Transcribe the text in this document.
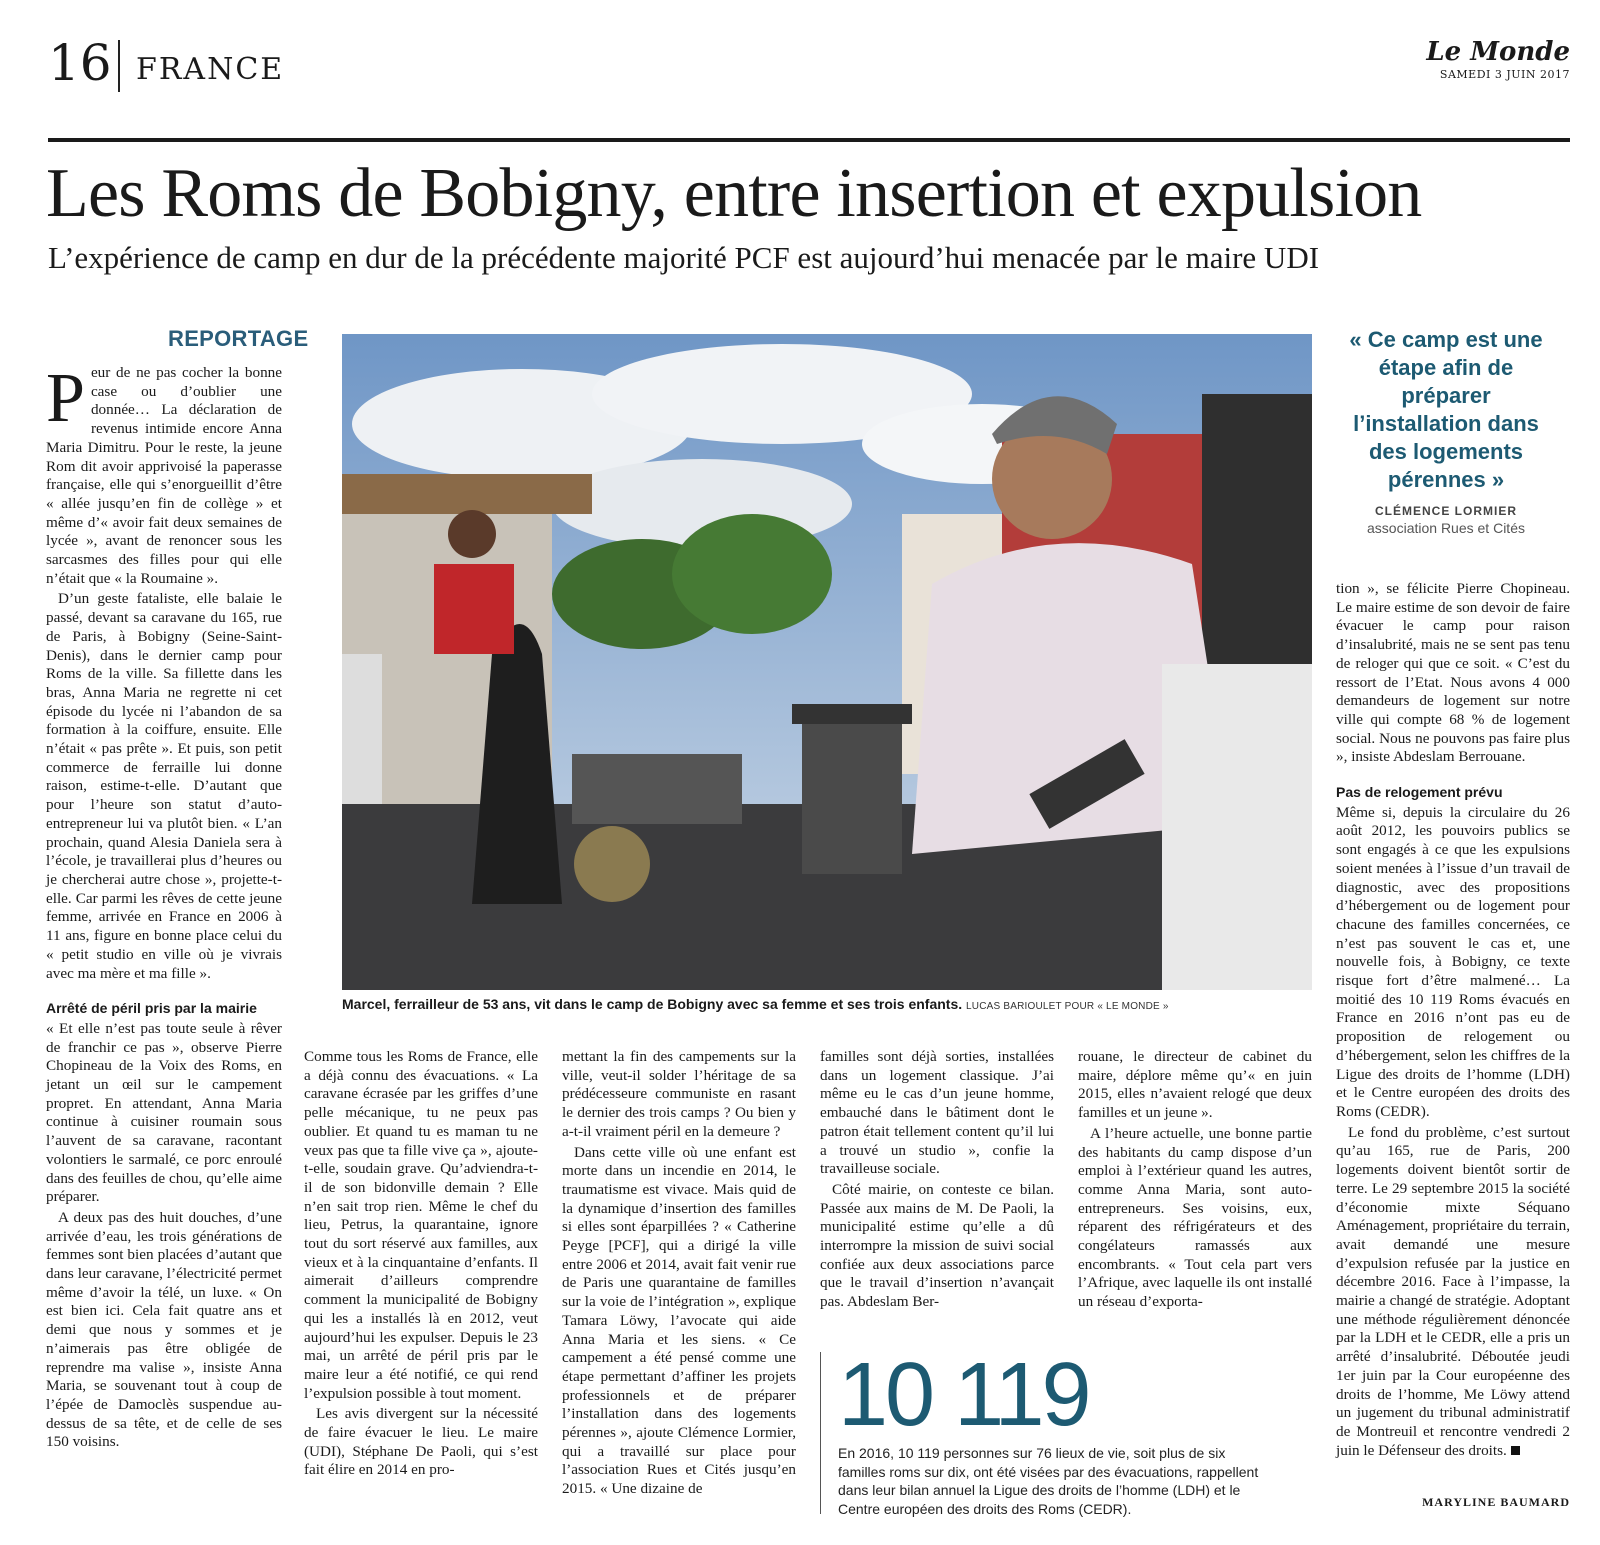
16 FRANCE	Le Monde
SAMEDI 3 JUIN 2017
Les Roms de Bobigny, entre insertion et expulsion
L’expérience de camp en dur de la précédente majorité PCF est aujourd’hui menacée par le maire UDI
REPORTAGE

Peur de ne pas cocher la bonne case ou d’oublier une donnée… La déclaration de revenus intimide encore Anna Maria Dimitru. Pour le reste, la jeune Rom dit avoir apprivoisé la paperasse française, elle qui s’enorgueillit d’être « allée jusqu’en fin de collège » et même d’« avoir fait deux semaines de lycée », avant de renoncer sous les sarcasmes des filles pour qui elle n’était que « la Roumaine ».

D’un geste fataliste, elle balaie le passé, devant sa caravane du 165, rue de Paris, à Bobigny (Seine-Saint-Denis), dans le dernier camp pour Roms de la ville. Sa fillette dans les bras, Anna Maria ne regrette ni cet épisode du lycée ni l’abandon de sa formation à la coiffure, ensuite. Elle n’était « pas prête ». Et puis, son petit commerce de ferraille lui donne raison, estime-t-elle. D’autant que pour l’heure son statut d’auto-entrepreneur lui va plutôt bien. « L’an prochain, quand Alesia Daniela sera à l’école, je travaillerai plus d’heures ou je chercherai autre chose », projette-t-elle. Car parmi les rêves de cette jeune femme, arrivée en France en 2006 à 11 ans, figure en bonne place celui du « petit studio en ville où je vivrais avec ma mère et ma fille ».

Arrêté de péril pris par la mairie

« Et elle n’est pas toute seule à rêver de franchir ce pas », observe Pierre Chopineau de la Voix des Roms, en jetant un œil sur le campement propret. En attendant, Anna Maria continue à cuisiner roumain sous l’auvent de sa caravane, racontant volontiers le sarmalé, ce porc enroulé dans des feuilles de chou, qu’elle aime préparer.

A deux pas des huit douches, d’une arrivée d’eau, les trois générations de femmes sont bien placées d’autant que dans leur caravane, l’électricité permet même d’avoir la télé, un luxe. « On est bien ici. Cela fait quatre ans et demi que nous y sommes et je n’aimerais pas être obligée de reprendre ma valise », insiste Anna Maria, se souvenant tout à coup de l’épée de Damoclès suspendue au-dessus de sa tête, et de celle de ses 150 voisins.

Marcel, ferrailleur de 53 ans, vit dans le camp de Bobigny avec sa femme et ses trois enfants. LUCAS BARIOULET POUR « LE MONDE »
« Ce camp est une étape afin de préparer l’installation dans des logements pérennes »
CLÉMENCE LORMIER
association Rues et Cités

Comme tous les Roms de France, elle a déjà connu des évacuations. « La caravane écrasée par les griffes d’une pelle mécanique, tu ne peux pas oublier. Et quand tu es maman tu ne veux pas que ta fille vive ça », ajoute-t-elle, soudain grave. Qu’adviendra-t-il de son bidonville demain ? Elle n’en sait trop rien. Même le chef du lieu, Petrus, la quarantaine, ignore tout du sort réservé aux familles, aux vieux et à la cinquantaine d’enfants. Il aimerait d’ailleurs comprendre comment la municipalité de Bobigny qui les a installés là en 2012, veut aujourd’hui les expulser. Depuis le 23 mai, un arrêté de péril pris par le maire leur a été notifié, ce qui rend l’expulsion possible à tout moment.

Les avis divergent sur la nécessité de faire évacuer le lieu. Le maire (UDI), Stéphane De Paoli, qui s’est fait élire en 2014 en pro-

mettant la fin des campements sur la ville, veut-il solder l’héritage de sa prédécesseure communiste en rasant le dernier des trois camps ? Ou bien y a-t-il vraiment péril en la demeure ?

Dans cette ville où une enfant est morte dans un incendie en 2014, le traumatisme est vivace. Mais quid de la dynamique d’insertion des familles si elles sont éparpillées ? « Catherine Peyge [PCF], qui a dirigé la ville entre 2006 et 2014, avait fait venir rue de Paris une quarantaine de familles sur la voie de l’intégration », explique Tamara Löwy, l’avocate qui aide Anna Maria et les siens. « Ce campement a été pensé comme une étape permettant d’affiner les projets professionnels et de préparer l’installation dans des logements pérennes », ajoute Clémence Lormier, qui a travaillé sur place pour l’association Rues et Cités jusqu’en 2015. « Une dizaine de

familles sont déjà sorties, installées dans un logement classique. J’ai même eu le cas d’un jeune homme, embauché dans le bâtiment dont le patron était tellement content qu’il lui a trouvé un studio », confie la travailleuse sociale.

Côté mairie, on conteste ce bilan. Passée aux mains de M. De Paoli, la municipalité estime qu’elle a dû interrompre la mission de suivi social confiée aux deux associations parce que le travail d’insertion n’avançait pas. Abdeslam Ber-

rouane, le directeur de cabinet du maire, déplore même qu’« en juin 2015, elles n’avaient relogé que deux familles et un jeune ».

A l’heure actuelle, une bonne partie des habitants du camp dispose d’un emploi à l’extérieur quand les autres, comme Anna Maria, sont auto-entrepreneurs. Ses voisins, eux, réparent des réfrigérateurs et des congélateurs ramassés aux encombrants. « Tout cela part vers l’Afrique, avec laquelle ils ont installé un réseau d’exporta-

10 119
En 2016, 10 119 personnes sur 76 lieux de vie, soit plus de six familles roms sur dix, ont été visées par des évacuations, rappellent dans leur bilan annuel la Ligue des droits de l’homme (LDH) et le Centre européen des droits des Roms (CEDR).

tion », se félicite Pierre Chopineau. Le maire estime de son devoir de faire évacuer le camp pour raison d’insalubrité, mais ne se sent pas tenu de reloger qui que ce soit. « C’est du ressort de l’Etat. Nous avons 4 000 demandeurs de logement sur notre ville qui compte 68 % de logement social. Nous ne pouvons pas faire plus », insiste Abdeslam Berrouane.

Pas de relogement prévu

Même si, depuis la circulaire du 26 août 2012, les pouvoirs publics se sont engagés à ce que les expulsions soient menées à l’issue d’un travail de diagnostic, avec des propositions d’hébergement ou de logement pour chacune des familles concernées, ce n’est pas souvent le cas et, une nouvelle fois, à Bobigny, ce texte risque fort d’être malmené… La moitié des 10 119 Roms évacués en France en 2016 n’ont pas eu de proposition de relogement ou d’hébergement, selon les chiffres de la Ligue des droits de l’homme (LDH) et le Centre européen des droits des Roms (CEDR).

Le fond du problème, c’est surtout qu’au 165, rue de Paris, 200 logements doivent bientôt sortir de terre. Le 29 septembre 2015 la société d’économie mixte Séquano Aménagement, propriétaire du terrain, avait demandé une mesure d’expulsion refusée par la justice en décembre 2016. Face à l’impasse, la mairie a changé de stratégie. Adoptant une méthode régulièrement dénoncée par la LDH et le CEDR, elle a pris un arrêté d’insalubrité. Déboutée jeudi 1er juin par la Cour européenne des droits de l’homme, Me Löwy attend un jugement du tribunal administratif de Montreuil et rencontre vendredi 2 juin le Défenseur des droits.

MARYLINE BAUMARD
